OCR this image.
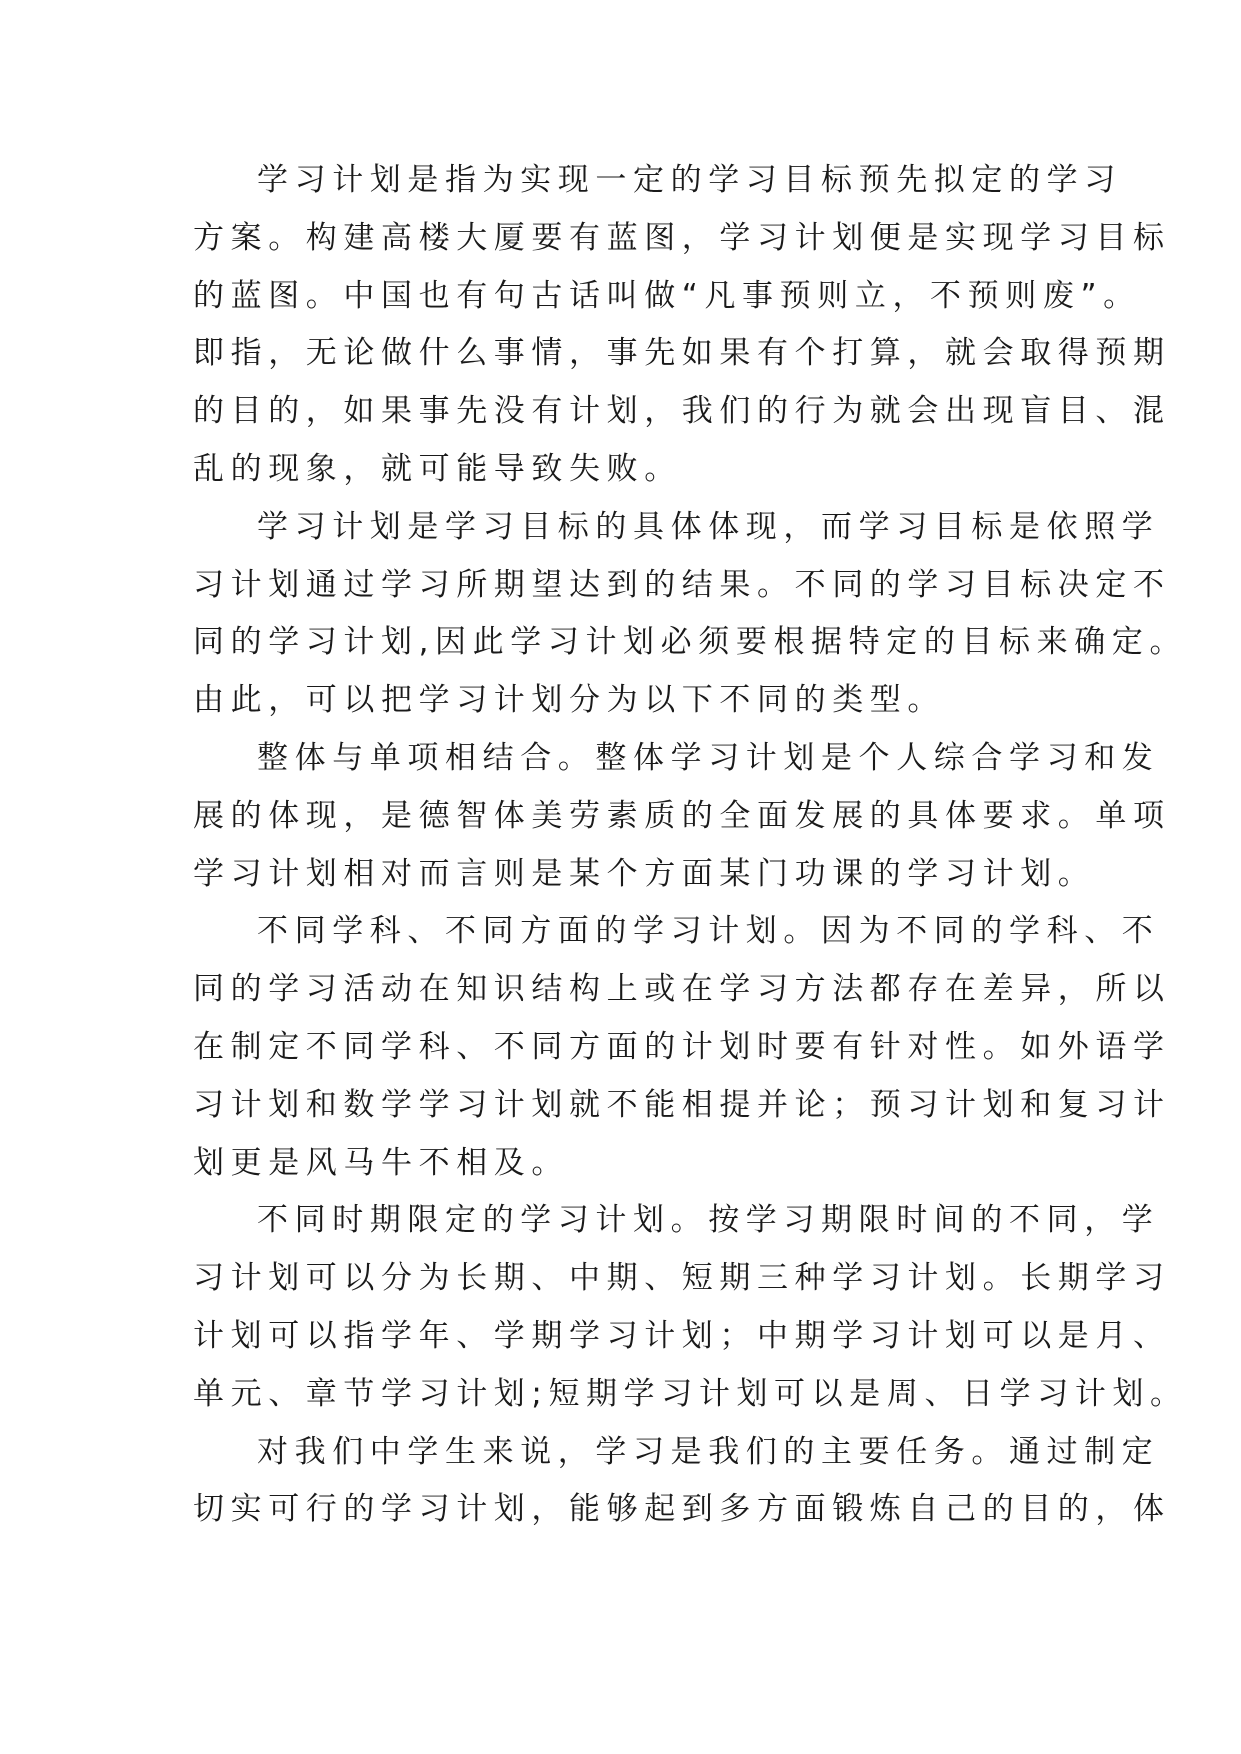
学习计划是指为实现一定的学习目标预先拟定的学习
方案。构建高楼大厦要有蓝图，学习计划便是实现学习目标
的蓝图。中国也有句古话叫做“凡事预则立，不预则废”。
即指，无论做什么事情，事先如果有个打算，就会取得预期
的目的，如果事先没有计划，我们的行为就会出现盲目、混
乱的现象，就可能导致失败。
学习计划是学习目标的具体体现，而学习目标是依照学
习计划通过学习所期望达到的结果。不同的学习目标决定不
同的学习计划,因此学习计划必须要根据特定的目标来确定。
由此，可以把学习计划分为以下不同的类型。
整体与单项相结合。整体学习计划是个人综合学习和发
展的体现，是德智体美劳素质的全面发展的具体要求。单项
学习计划相对而言则是某个方面某门功课的学习计划。
不同学科、不同方面的学习计划。因为不同的学科、不
同的学习活动在知识结构上或在学习方法都存在差异，所以
在制定不同学科、不同方面的计划时要有针对性。如外语学
习计划和数学学习计划就不能相提并论；预习计划和复习计
划更是风马牛不相及。
不同时期限定的学习计划。按学习期限时间的不同，学
习计划可以分为长期、中期、短期三种学习计划。长期学习
计划可以指学年、学期学习计划；中期学习计划可以是月、
单元、章节学习计划;短期学习计划可以是周、日学习计划。
对我们中学生来说，学习是我们的主要任务。通过制定
切实可行的学习计划，能够起到多方面锻炼自己的目的，体
